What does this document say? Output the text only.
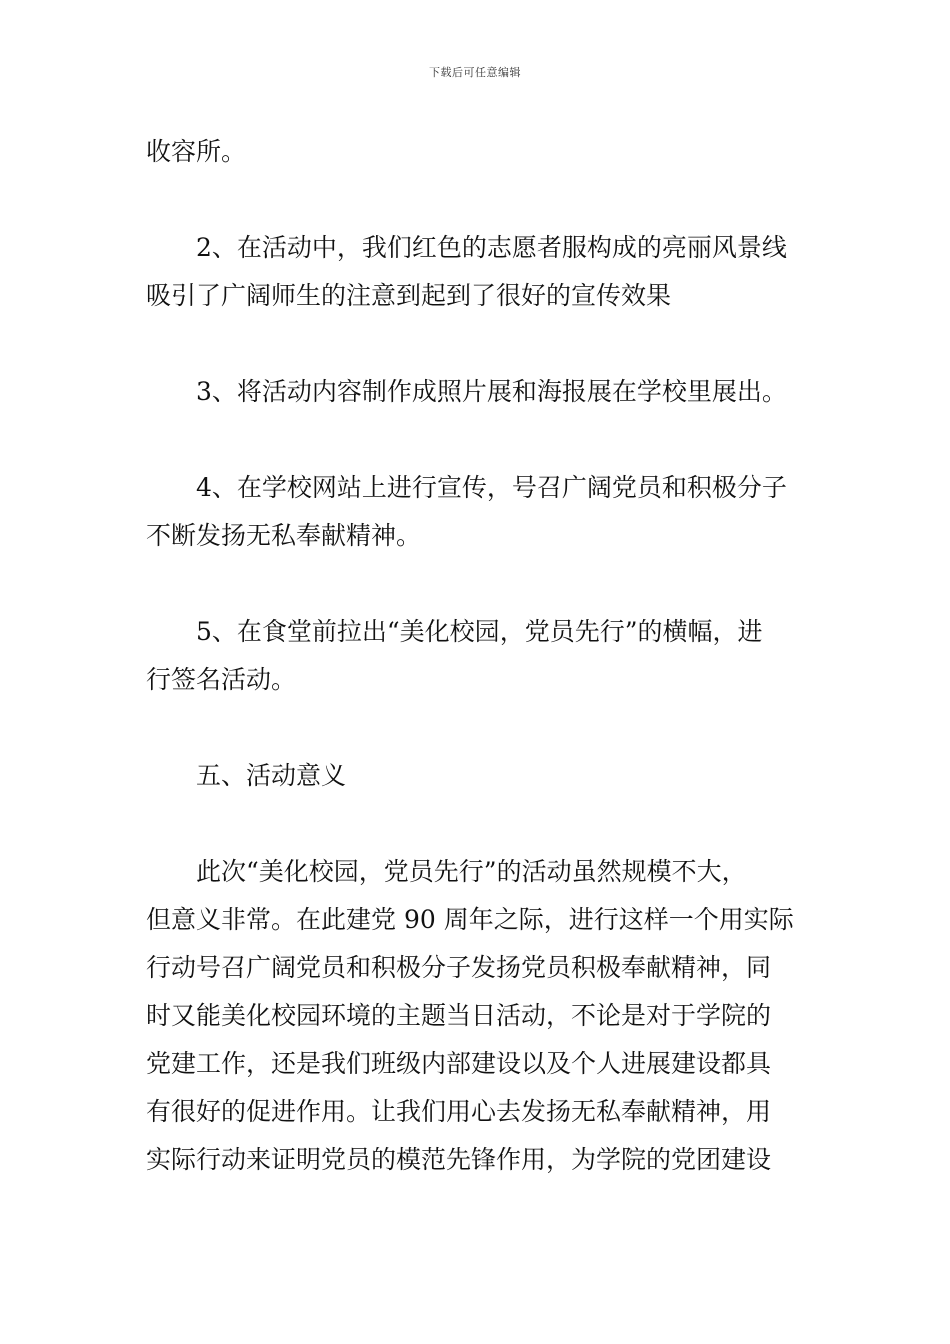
下载后可任意编辑
收容所。
2、在活动中，我们红色的志愿者服构成的亮丽风景线
吸引了广阔师生的注意到起到了很好的宣传效果
3、将活动内容制作成照片展和海报展在学校里展出。
4、在学校网站上进行宣传，号召广阔党员和积极分子
不断发扬无私奉献精神。
5、在食堂前拉出“美化校园，党员先行”的横幅，进
行签名活动。
五、活动意义
此次“美化校园，党员先行”的活动虽然规模不大，
但意义非常。在此建党 90 周年之际，进行这样一个用实际
行动号召广阔党员和积极分子发扬党员积极奉献精神，同
时又能美化校园环境的主题当日活动，不论是对于学院的
党建工作，还是我们班级内部建设以及个人进展建设都具
有很好的促进作用。让我们用心去发扬无私奉献精神，用
实际行动来证明党员的模范先锋作用，为学院的党团建设
